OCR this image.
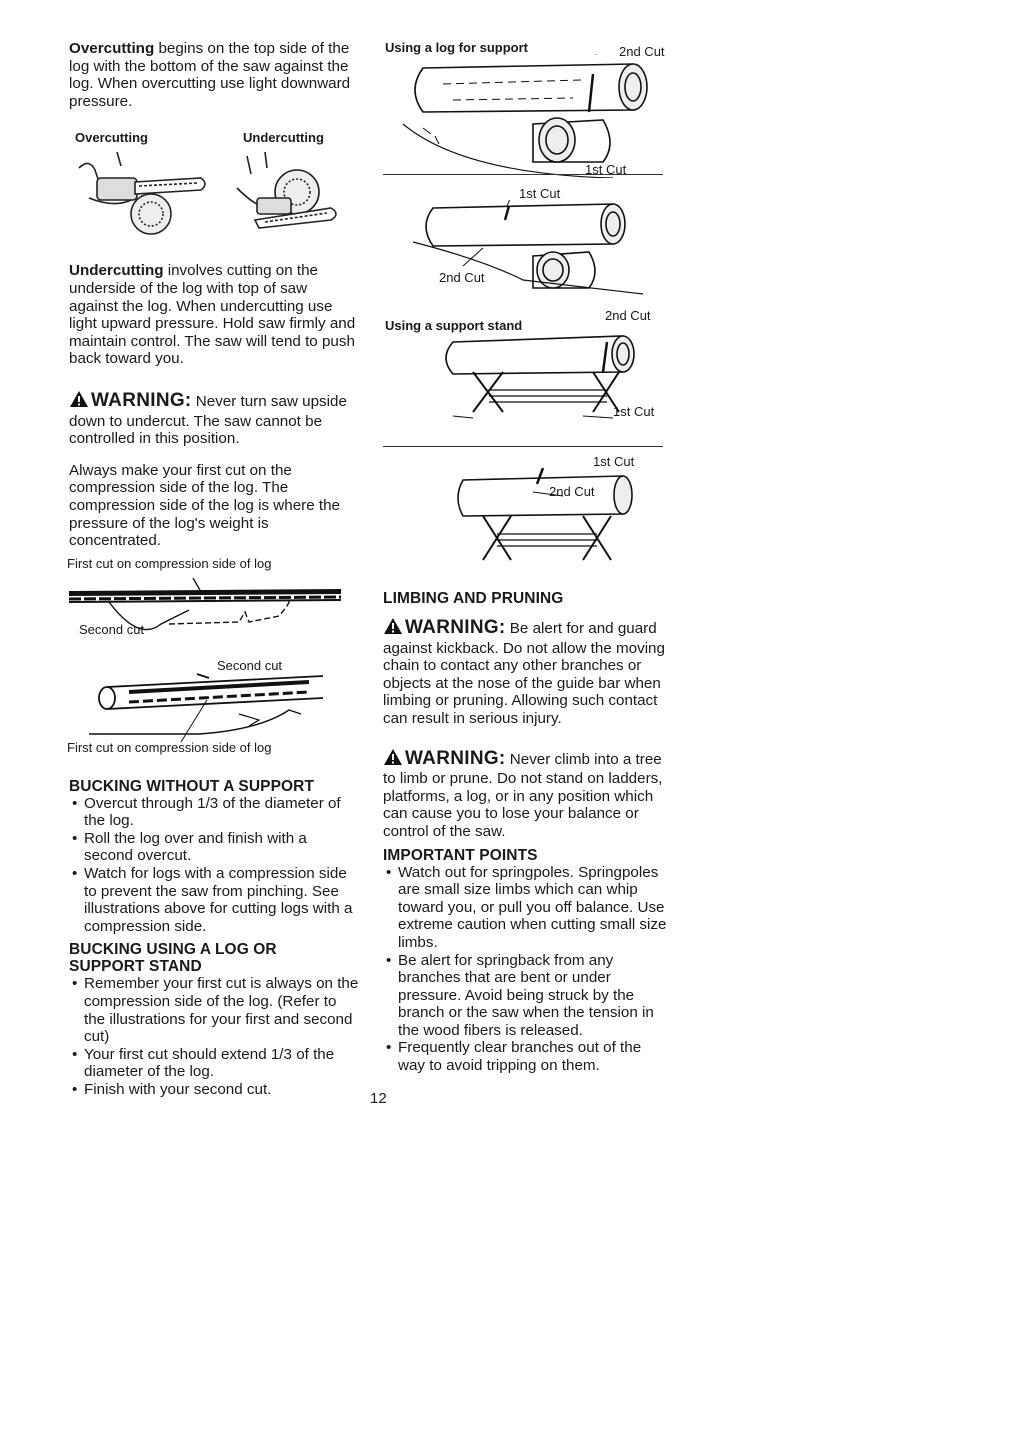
Overcutting begins on the top side of the log with the bottom of the saw against the log. When overcutting use light downward pressure.

Overcutting	Undercutting

Undercutting involves cutting on the underside of the log with top of saw against the log. When undercutting use light upward pressure. Hold saw firmly and maintain control. The saw will tend to push back toward you.

WARNING: Never turn saw upside down to undercut. The saw cannot be controlled in this position.

Always make your first cut on the compression side of the log. The compression side of the log is where the pressure of the log's weight is concentrated.

First cut on compression side of log
Second cut
Second cut
First cut on compression side of log
BUCKING WITHOUT A SUPPORT
• Overcut through 1/3 of the diameter of the log.
• Roll the log over and finish with a second overcut.
• Watch for logs with a compression side to prevent the saw from pinching. See illustrations above for cutting logs with a compression side.
BUCKING USING A LOG OR
SUPPORT STAND
• Remember your first cut is always on the compression side of the log. (Refer to the illustrations for your first and second cut)
• Your first cut should extend 1/3 of the diameter of the log.
• Finish with your second cut.
Using a log for support	2nd Cut
1st Cut
1st Cut
2nd Cut
Using a support stand
2nd Cut
1st Cut
1st Cut
2nd Cut
LIMBING AND PRUNING

WARNING: Be alert for and guard against kickback. Do not allow the moving chain to contact any other branches or objects at the nose of the guide bar when limbing or pruning. Allowing such contact can result in serious injury.

WARNING: Never climb into a tree to limb or prune. Do not stand on ladders, platforms, a log, or in any position which can cause you to lose your balance or control of the saw.

IMPORTANT POINTS
• Watch out for springpoles. Springpoles are small size limbs which can whip toward you, or pull you off balance. Use extreme caution when cutting small size limbs.
• Be alert for springback from any branches that are bent or under pressure. Avoid being struck by the branch or the saw when the tension in the wood fibers is released.
• Frequently clear branches out of the way to avoid tripping on them.
12
